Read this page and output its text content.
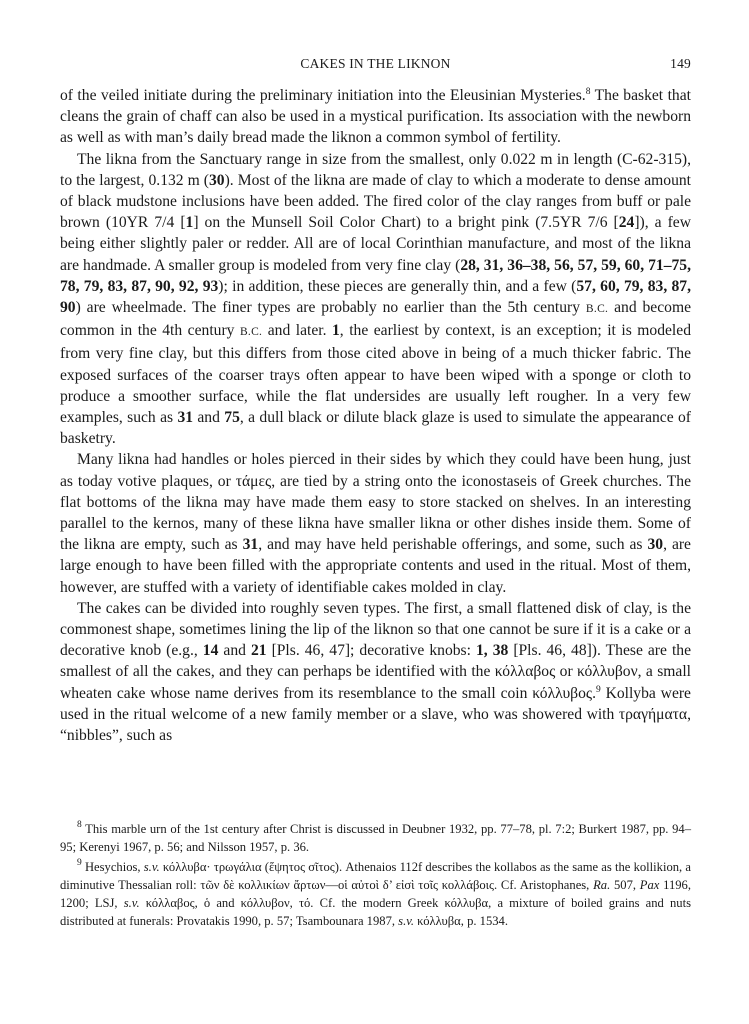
CAKES IN THE LIKNON	149

of the veiled initiate during the preliminary initiation into the Eleusinian Mysteries.$^8$ The basket that cleans the grain of chaff can also be used in a mystical purification. Its association with the newborn as well as with man’s daily bread made the liknon a common symbol of fertility.

The likna from the Sanctuary range in size from the smallest, only 0.022 m in length (C-62-315), to the largest, 0.132 m (30). Most of the likna are made of clay to which a moderate to dense amount of black mudstone inclusions have been added. The fired color of the clay ranges from buff or pale brown (10YR 7/4 [1] on the Munsell Soil Color Chart) to a bright pink (7.5YR 7/6 [24]), a few being either slightly paler or redder. All are of local Corinthian manufacture, and most of the likna are handmade. A smaller group is modeled from very fine clay (28, 31, 36–38, 56, 57, 59, 60, 71–75, 78, 79, 83, 87, 90, 92, 93); in addition, these pieces are generally thin, and a few (57, 60, 79, 83, 87, 90) are wheelmade. The finer types are probably no earlier than the 5th century B.C. and become common in the 4th century B.C. and later. 1, the earliest by context, is an exception; it is modeled from very fine clay, but this differs from those cited above in being of a much thicker fabric. The exposed surfaces of the coarser trays often appear to have been wiped with a sponge or cloth to produce a smoother surface, while the flat undersides are usually left rougher. In a very few examples, such as 31 and 75, a dull black or dilute black glaze is used to simulate the appearance of basketry.

Many likna had handles or holes pierced in their sides by which they could have been hung, just as today votive plaques, or τάμες, are tied by a string onto the iconostaseis of Greek churches. The flat bottoms of the likna may have made them easy to store stacked on shelves. In an interesting parallel to the kernos, many of these likna have smaller likna or other dishes inside them. Some of the likna are empty, such as 31, and may have held perishable offerings, and some, such as 30, are large enough to have been filled with the appropriate contents and used in the ritual. Most of them, however, are stuffed with a variety of identifiable cakes molded in clay.

The cakes can be divided into roughly seven types. The first, a small flattened disk of clay, is the commonest shape, sometimes lining the lip of the liknon so that one cannot be sure if it is a cake or a decorative knob (e.g., 14 and 21 [Pls. 46, 47]; decorative knobs: 1, 38 [Pls. 46, 48]). These are the smallest of all the cakes, and they can perhaps be identified with the κόλλαβος or κόλλυβον, a small wheaten cake whose name derives from its resemblance to the small coin κόλλυβος.$^9$ Kollyba were used in the ritual welcome of a new family member or a slave, who was showered with τραγήματα, “nibbles”, such as

$^8$ This marble urn of the 1st century after Christ is discussed in Deubner 1932, pp. 77–78, pl. 7:2; Burkert 1987, pp. 94–95; Kerenyi 1967, p. 56; and Nilsson 1957, p. 36.

$^9$ Hesychios, s.v. κόλλυβα· τρωγάλια (ἕψητος σῖτος). Athenaios 112f describes the kollabos as the same as the kollikion, a diminutive Thessalian roll: τῶν δὲ κολλικίων ἄρτων—οἱ αὐτοὶ δ’ εἰσὶ τοῖς κολλάβοις. Cf. Aristophanes, Ra. 507, Pax 1196, 1200; LSJ, s.v. κόλλαβος, ὁ and κόλλυβον, τό. Cf. the modern Greek κόλλυβα, a mixture of boiled grains and nuts distributed at funerals: Provatakis 1990, p. 57; Tsambounara 1987, s.v. κόλλυβα, p. 1534.
